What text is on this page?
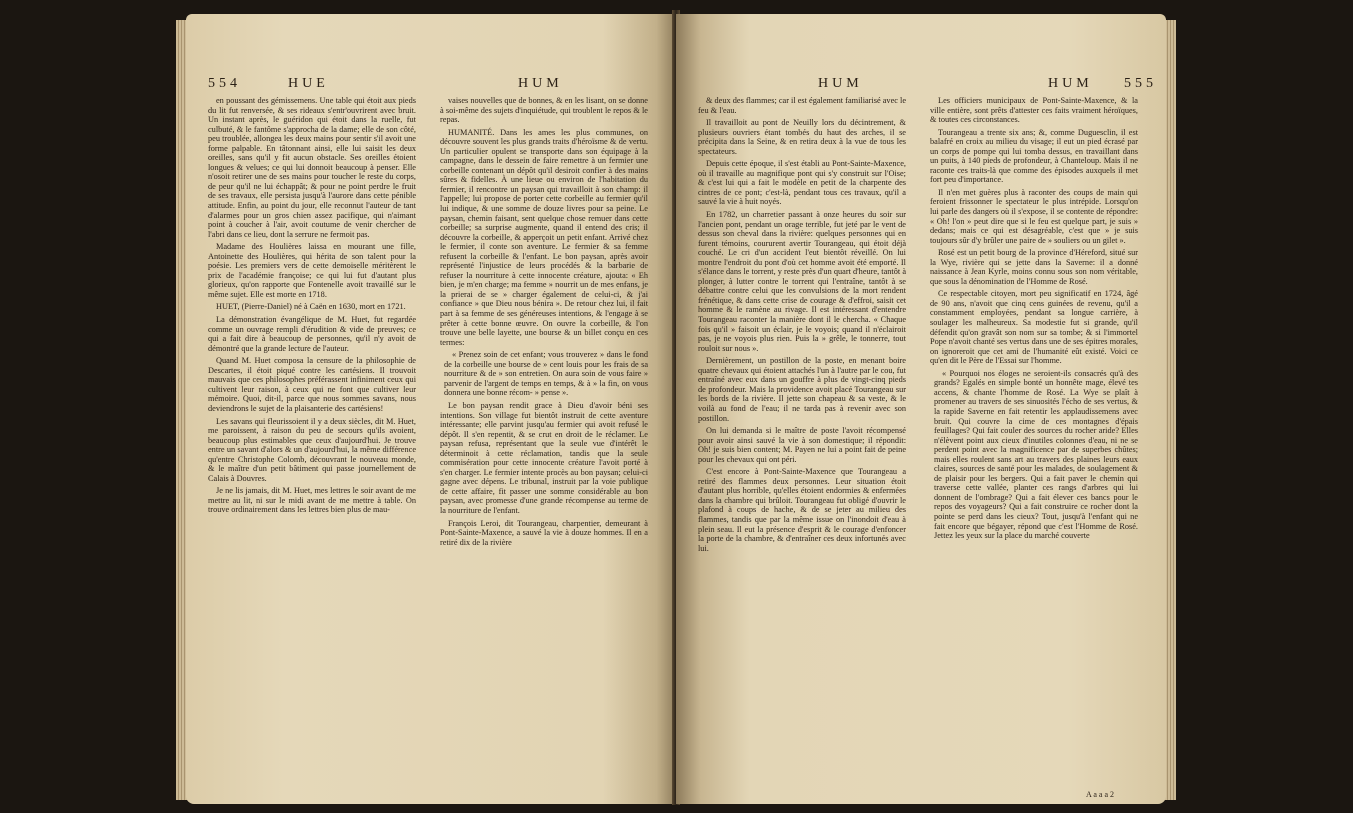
554	HUE	HUM

en poussant des gémissemens. Une table qui étoit aux pieds du lit fut renversée, & ses rideaux s'entr'ouvrirent avec bruit. Un instant après, le guéridon qui étoit dans la ruelle, fut culbuté, & le fantôme s'approcha de la dame; elle de son côté, peu troublée, allongea les deux mains pour sentir s'il avoit une forme palpable. En tâtonnant ainsi, elle lui saisit les deux oreilles, sans qu'il y fit aucun obstacle. Ses oreilles étoient longues & velues; ce qui lui donnoit beaucoup à penser. Elle n'osoit retirer une de ses mains pour toucher le reste du corps, de peur qu'il ne lui échappât; & pour ne point perdre le fruit de ses travaux, elle persista jusqu'à l'aurore dans cette pénible attitude. Enfin, au point du jour, elle reconnut l'auteur de tant d'alarmes pour un gros chien assez pacifique, qui n'aimant point à coucher à l'air, avoit coutume de venir chercher de l'abri dans ce lieu, dont la serrure ne fermoit pas.

Madame des Houlières laissa en mourant une fille, Antoinette des Houlières, qui hérita de son talent pour la poésie. Les premiers vers de cette demoiselle méritèrent le prix de l'académie françoise; ce qui lui fut d'autant plus glorieux, qu'on rapporte que Fontenelle avoit travaillé sur le même sujet. Elle est morte en 1718.

HUET, (Pierre-Daniel) né à Caën en 1630, mort en 1721.

La démonstration évangélique de M. Huet, fut regardée comme un ouvrage rempli d'érudition & vide de preuves; ce qui a fait dire à beaucoup de personnes, qu'il n'y avoit de démontré que la grande lecture de l'auteur.

Quand M. Huet composa la censure de la philosophie de Descartes, il étoit piqué contre les cartésiens. Il trouvoit mauvais que ces philosophes préférassent infiniment ceux qui cultivent leur raison, à ceux qui ne font que cultiver leur mémoire. Quoi, dit-il, parce que nous sommes savans, nous deviendrons le sujet de la plaisanterie des cartésiens!

Les savans qui fleurissoient il y a deux siècles, dit M. Huet, me paroissent, à raison du peu de secours qu'ils avoient, beaucoup plus estimables que ceux d'aujourd'hui. Je trouve entre un savant d'alors & un d'aujourd'hui, la même différence qu'entre Christophe Colomb, découvrant le nouveau monde, & le maître d'un petit bâtiment qui passe journellement de Calais à Douvres.

Je ne lis jamais, dit M. Huet, mes lettres le soir avant de me mettre au lit, ni sur le midi avant de me mettre à table. On trouve ordinairement dans les lettres bien plus de mau-

vaises nouvelles que de bonnes, & en les lisant, on se donne à soi-même des sujets d'inquiétude, qui troublent le repos & le repas.

HUMANITÉ. Dans les ames les plus communes, on découvre souvent les plus grands traits d'héroïsme & de vertu. Un particulier opulent se transporte dans son équipage à la campagne, dans le dessein de faire remettre à un fermier une corbeille contenant un dépôt qu'il desiroit confier à des mains sûres & fidelles. À une lieue ou environ de l'habitation du fermier, il rencontre un paysan qui travailloit à son champ: il l'appelle; lui propose de porter cette corbeille au fermier qu'il lui indique, & une somme de douze livres pour sa peine. Le paysan, chemin faisant, sent quelque chose remuer dans cette corbeille; sa surprise augmente, quand il entend des cris; il découvre la corbeille, & apperçoit un petit enfant. Arrivé chez le fermier, il conte son aventure. Le fermier & sa femme refusent la corbeille & l'enfant. Le bon paysan, après avoir représenté l'injustice de leurs procédés & la barbarie de refuser la nourriture à cette innocente créature, ajouta: « Eh bien, je m'en charge; ma femme » nourrit un de mes enfans, je la prierai de se » charger également de celui-ci, & j'ai confiance » que Dieu nous bénira ». De retour chez lui, il fait part à sa femme de ses généreuses intentions, & l'engage à se prêter à cette bonne œuvre. On ouvre la corbeille, & l'on trouve une belle layette, une bourse & un billet conçu en ces termes:

« Prenez soin de cet enfant; vous trouverez » dans le fond de la corbeille une bourse de » cent louis pour les frais de sa nourriture & de » son entretien. On aura soin de vous faire » parvenir de l'argent de temps en temps, & à » la fin, on vous donnera une bonne récom- » pense ».

Le bon paysan rendit grace à Dieu d'avoir béni ses intentions. Son village fut bientôt instruit de cette aventure intéressante; elle parvint jusqu'au fermier qui avoit refusé le dépôt. Il s'en repentit, & se crut en droit de le réclamer. Le paysan refusa, représentant que la seule vue d'intérêt le déterminoit à cette réclamation, tandis que la seule commisération pour cette innocente créature l'avoit porté à s'en charger. Le fermier intente procès au bon paysan; celui-ci gagne avec dépens. Le tribunal, instruit par la voie publique de cette affaire, fit passer une somme considérable au bon paysan, avec promesse d'une grande récompense au terme de la nourriture de l'enfant.

François Leroi, dit Tourangeau, charpentier, demeurant à Pont-Sainte-Maxence, a sauvé la vie à douze hommes. Il en a retiré dix de la rivière

HUM	HUM 555

& deux des flammes; car il est également familiarisé avec le feu & l'eau.

Il travailloit au pont de Neuilly lors du décintrement, & plusieurs ouvriers étant tombés du haut des arches, il se précipita dans la Seine, & en retira deux à la vue de tous les spectateurs.

Depuis cette époque, il s'est établi au Pont-Sainte-Maxence, où il travaille au magnifique pont qui s'y construit sur l'Oise; & c'est lui qui a fait le modèle en petit de la charpente des cintres de ce pont; c'est-là, pendant tous ces travaux, qu'il a sauvé la vie à huit noyés.

En 1782, un charretier passant à onze heures du soir sur l'ancien pont, pendant un orage terrible, fut jeté par le vent de dessus son cheval dans la rivière: quelques personnes qui en furent témoins, coururent avertir Tourangeau, qui étoit déjà couché. Le cri d'un accident l'eut bientôt réveillé. On lui montre l'endroit du pont d'où cet homme avoit été emporté. Il s'élance dans le torrent, y reste près d'un quart d'heure, tantôt à plonger, à lutter contre le torrent qui l'entraîne, tantôt à se débattre contre celui que les convulsions de la mort rendent frénétique, & dans cette crise de courage & d'effroi, saisit cet homme & le ramène au rivage. Il est intéressant d'entendre Tourangeau raconter la manière dont il le chercha. « Chaque fois qu'il » faisoit un éclair, je le voyois; quand il n'éclairoit pas, je ne voyois plus rien. Puis la » grêle, le tonnerre, tout rouloit sur nous ».

Dernièrement, un postillon de la poste, en menant boire quatre chevaux qui étoient attachés l'un à l'autre par le cou, fut entraîné avec eux dans un gouffre à plus de vingt-cinq pieds de profondeur. Mais la providence avoit placé Tourangeau sur les bords de la rivière. Il jette son chapeau & sa veste, & le voilà au fond de l'eau; il ne tarda pas à revenir avec son postillon.

On lui demanda si le maître de poste l'avoit récompensé pour avoir ainsi sauvé la vie à son domestique; il répondit: Oh! je suis bien content; M. Payen ne lui a point fait de peine pour les chevaux qui ont péri.

C'est encore à Pont-Sainte-Maxence que Tourangeau a retiré des flammes deux personnes. Leur situation étoit d'autant plus horrible, qu'elles étoient endormies & enfermées dans la chambre qui brûloit. Tourangeau fut obligé d'ouvrir le plafond à coups de hache, & de se jeter au milieu des flammes, tandis que par la même issue on l'inondoit d'eau à plein seau. Il eut la présence d'esprit & le courage d'enfoncer la porte de la chambre, & d'entraîner ces deux infortunés avec lui.

Les officiers municipaux de Pont-Sainte-Maxence, & la ville entière, sont prêts d'attester ces faits vraiment héroïques, & toutes ces circonstances.

Tourangeau a trente six ans; &, comme Duguesclin, il est balafré en croix au milieu du visage; il eut un pied écrasé par un corps de pompe qui lui tomba dessus, en travaillant dans un puits, à 140 pieds de profondeur, à Chanteloup. Mais il ne raconte ces traits-là que comme des épisodes auxquels il met fort peu d'importance.

Il n'en met guères plus à raconter des coups de main qui feroient frissonner le spectateur le plus intrépide. Lorsqu'on lui parle des dangers où il s'expose, il se contente de répondre: « Oh! l'on » peut dire que si le feu est quelque part, je suis » dedans; mais ce qui est désagréable, c'est que » je suis toujours sûr d'y brûler une paire de » souliers ou un gilet ».

Rosé est un petit bourg de la province d'Héreford, situé sur la Wye, rivière qui se jette dans la Saverne: il a donné naissance à Jean Kyrle, moins connu sous son nom véritable, que sous la dénomination de l'Homme de Rosé.

Ce respectable citoyen, mort peu significatif en 1724, âgé de 90 ans, n'avoit que cinq cens guinées de revenu, qu'il a constamment employées, pendant sa longue carrière, à soulager les malheureux. Sa modestie fut si grande, qu'il défendit qu'on gravât son nom sur sa tombe; & si l'immortel Pope n'avoit chanté ses vertus dans une de ses épitres morales, on ignoreroit que cet ami de l'humanité eût existé. Voici ce qu'en dit le Père de l'Essai sur l'homme.

« Pourquoi nos éloges ne seroient-ils consacrés qu'à des grands? Egalés en simple bonté un honnête mage, élevé tes accens, & chante l'homme de Rosé. La Wye se plaît à promener au travers de ses sinuosités l'écho de ses vertus, & la rapide Saverne en fait retentir les applaudissemens avec bruit. Qui couvre la cime de ces montagnes d'épais feuillages? Qui fait couler des sources du rocher aride? Elles n'élèvent point aux cieux d'inutiles colonnes d'eau, ni ne se perdent point avec la magnificence par de superbes chûtes; mais elles roulent sans art au travers des plaines leurs eaux claires, sources de santé pour les malades, de soulagement & de plaisir pour les bergers. Qui a fait paver le chemin qui traverse cette vallée, planter ces rangs d'arbres qui lui donnent de l'ombrage? Qui a fait élever ces bancs pour le repos des voyageurs? Qui a fait construire ce rocher dont la pointe se perd dans les cieux? Tout, jusqu'à l'enfant qui ne fait encore que bégayer, répond que c'est l'Homme de Rosé. Jettez les yeux sur la place du marché couverte

A a a a 2
